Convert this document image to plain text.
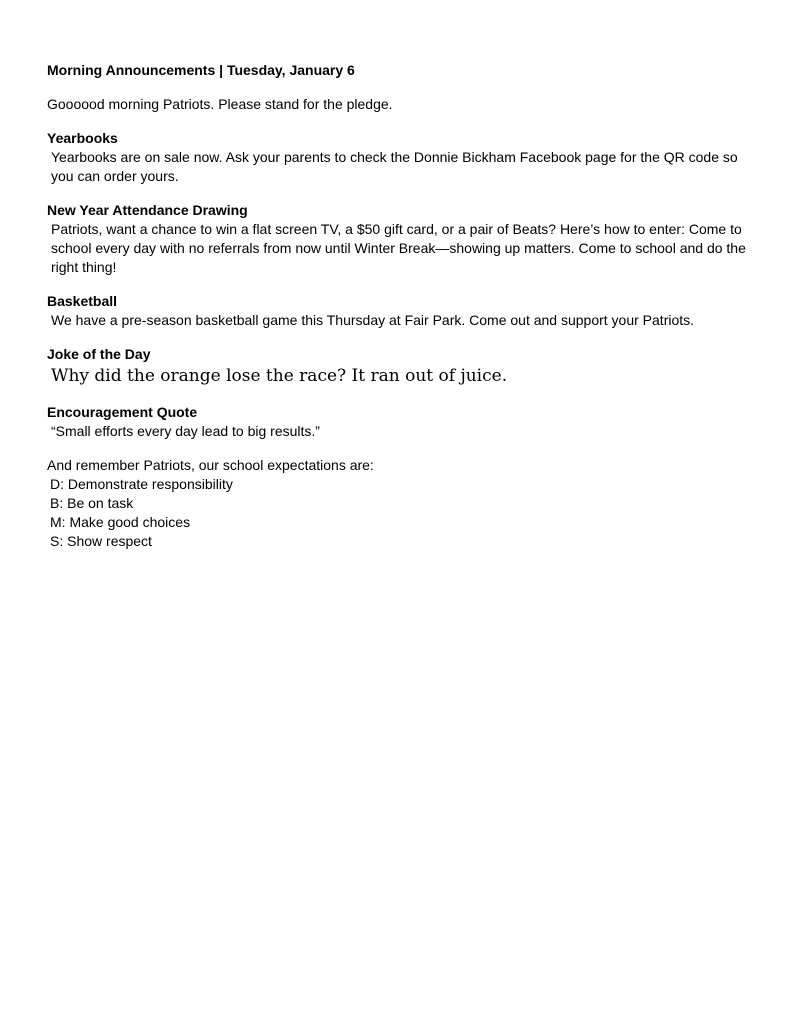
Morning Announcements | Tuesday, January 6
Goooood morning Patriots. Please stand for the pledge.
Yearbooks
Yearbooks are on sale now. Ask your parents to check the Donnie Bickham Facebook page for the QR code so you can order yours.
New Year Attendance Drawing
Patriots, want a chance to win a flat screen TV, a $50 gift card, or a pair of Beats? Here’s how to enter: Come to school every day with no referrals from now until Winter Break—showing up matters. Come to school and do the right thing!
Basketball
We have a pre-season basketball game this Thursday at Fair Park. Come out and support your Patriots.
Joke of the Day
Why did the orange lose the race? It ran out of juice.
Encouragement Quote
“Small efforts every day lead to big results.”
And remember Patriots, our school expectations are:
D: Demonstrate responsibility
B: Be on task
M: Make good choices
S: Show respect
